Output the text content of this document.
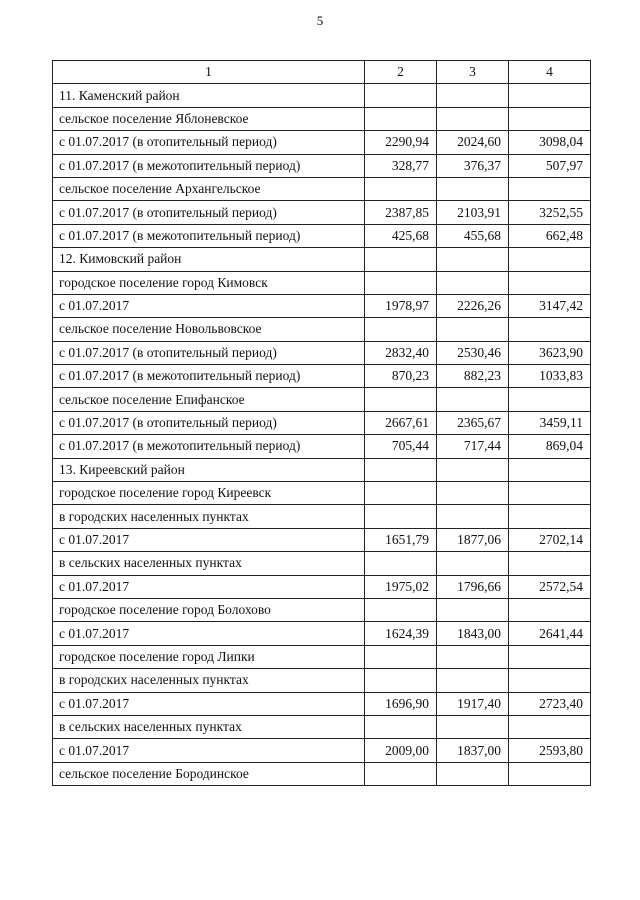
5
1	2	3	4
11. Каменский район			
сельское поселение Яблоневское			
с 01.07.2017 (в отопительный период)	2290,94	2024,60	3098,04
с 01.07.2017 (в межотопительный период)	328,77	376,37	507,97
сельское поселение Архангельское			
с 01.07.2017 (в отопительный период)	2387,85	2103,91	3252,55
с 01.07.2017 (в межотопительный период)	425,68	455,68	662,48
12. Кимовский район			
городское поселение город Кимовск			
с 01.07.2017	1978,97	2226,26	3147,42
сельское поселение Новольвовское			
с 01.07.2017 (в отопительный период)	2832,40	2530,46	3623,90
с 01.07.2017 (в межотопительный период)	870,23	882,23	1033,83
сельское поселение Епифанское			
с 01.07.2017 (в отопительный период)	2667,61	2365,67	3459,11
с 01.07.2017 (в межотопительный период)	705,44	717,44	869,04
13. Киреевский район			
городское поселение город Киреевск			
в городских населенных пунктах			
с 01.07.2017	1651,79	1877,06	2702,14
в сельских населенных пунктах			
с 01.07.2017	1975,02	1796,66	2572,54
городское поселение город Болохово			
с 01.07.2017	1624,39	1843,00	2641,44
городское поселение город Липки			
в городских населенных пунктах			
с 01.07.2017	1696,90	1917,40	2723,40
в сельских населенных пунктах			
с 01.07.2017	2009,00	1837,00	2593,80
сельское поселение Бородинское			
